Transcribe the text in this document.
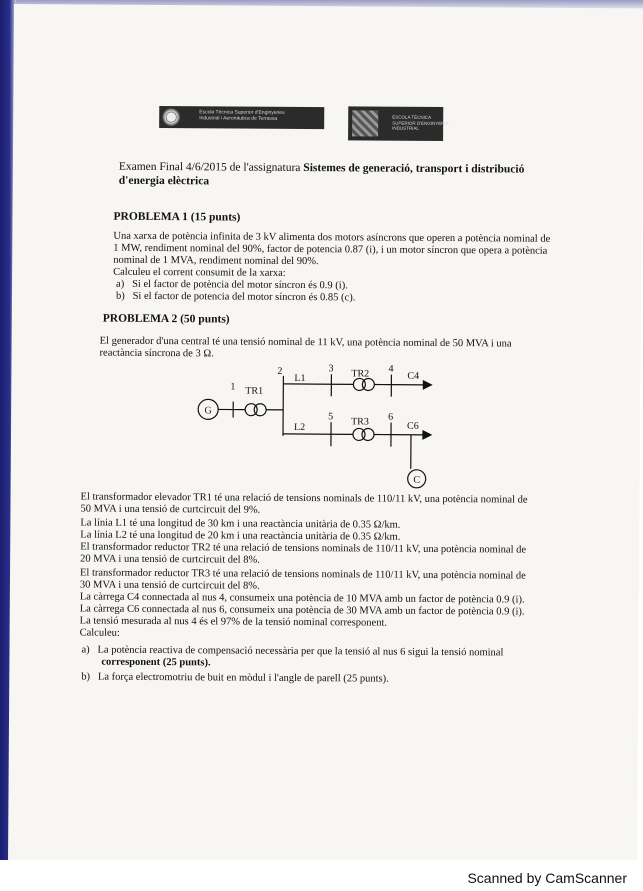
Escola Tècnica Superior d'Enginyeries
Industrial i Aeronàutica de Terrassa	ESCOLA TÈCNICA
SUPERIOR D'ENGINYERIA
INDUSTRIAL
Examen Final 4/6/2015 de l'assignatura Sistemes de generació, transport i distribució
d'energia elèctrica
PROBLEMA 1 (15 punts)
Una xarxa de potència infinita de 3 kV alimenta dos motors asíncrons que operen a potència nominal de
1 MW, rendiment nominal del 90%, factor de potencia 0.87 (i), i un motor síncron que opera a potència
nominal de 1 MVA, rendiment nominal del 90%.
Calculeu el corrent consumit de la xarxa:
a) Si el factor de potència del motor síncron és 0.9 (i).
b) Si el factor de potencia del motor síncron és 0.85 (c).
PROBLEMA 2 (50 punts)
El generador d'una central té una tensió nominal de 11 kV, una potència nominal de 50 MVA i una
reactància síncrona de 3 Ω.
G
1 TR1
2
L1
3 TR2 4
C4
L2
5 TR3 6
C6
C
El transformador elevador TR1 té una relació de tensions nominals de 110/11 kV, una potència nominal de
50 MVA i una tensió de curtcircuit del 9%.
La línia L1 té una longitud de 30 km i una reactància unitària de 0.35 Ω/km.
La línia L2 té una longitud de 20 km i una reactància unitària de 0.35 Ω/km.
El transformador reductor TR2 té una relació de tensions nominals de 110/11 kV, una potència nominal de
20 MVA i una tensió de curtcircuit del 8%.
El transformador reductor TR3 té una relació de tensions nominals de 110/11 kV, una potència nominal de
30 MVA i una tensió de curtcircuit del 8%.
La càrrega C4 connectada al nus 4, consumeix una potència de 10 MVA amb un factor de potència 0.9 (i).
La càrrega C6 connectada al nus 6, consumeix una potència de 30 MVA amb un factor de potència 0.9 (i).
La tensió mesurada al nus 4 és el 97% de la tensió nominal corresponent.
Calculeu:
a) La potència reactiva de compensació necessària per que la tensió al nus 6 sigui la tensió nominal
corresponent (25 punts).
b) La força electromotriu de buit en mòdul i l'angle de parell (25 punts).
Scanned by CamScanner
